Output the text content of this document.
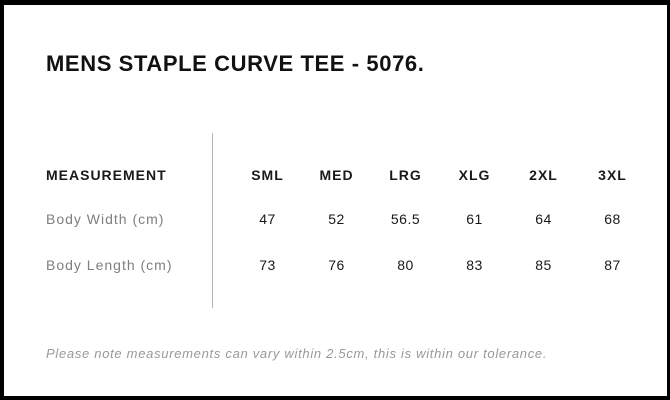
MENS STAPLE CURVE TEE - 5076.
MEASUREMENT	SML	MED	LRG	XLG	2XL	3XL
Body Width (cm)	47	52	56.5	61	64	68
Body Length (cm)	73	76	80	83	85	87
Please note measurements can vary within 2.5cm, this is within our tolerance.
